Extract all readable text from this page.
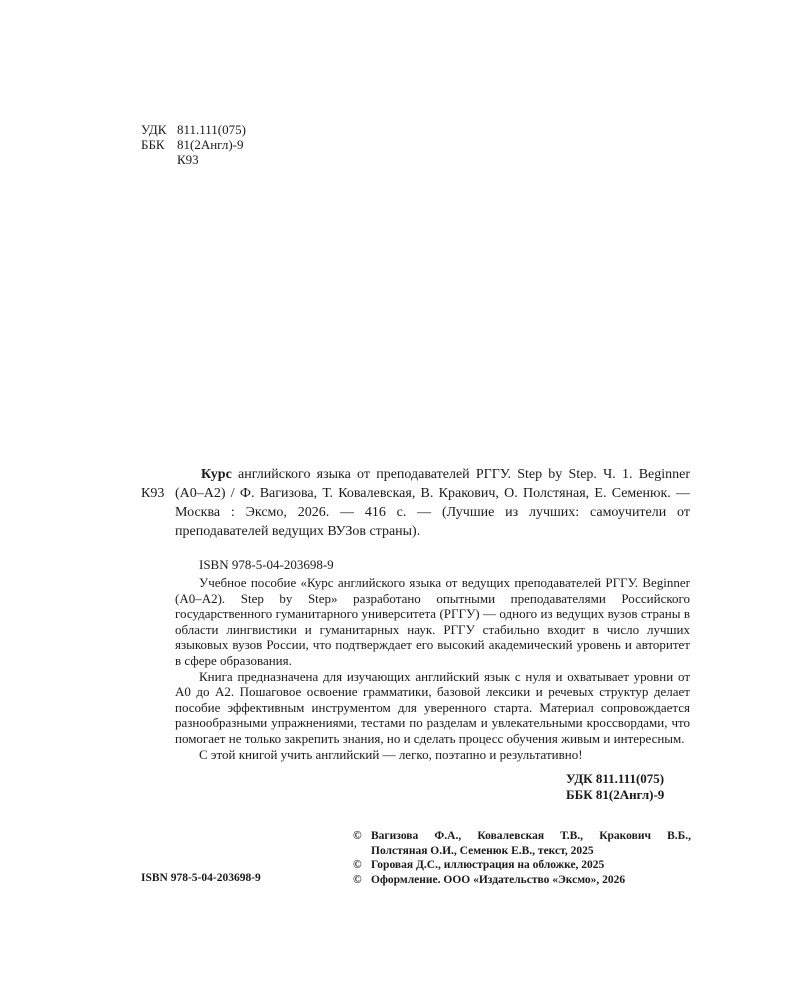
УДК 811.111(075)
ББК 81(2Англ)-9
К93
К93
Курс английского языка от преподавателей РГГУ. Step by Step. Ч. 1. Beginner (A0–A2) / Ф. Вагизова, Т. Ковалевская, В. Кракович, О. Полстяная, Е. Семенюк. — Москва : Эксмо, 2026. — 416 с. — (Лучшие из лучших: самоучители от преподавателей ведущих ВУЗов страны).
ISBN 978-5-04-203698-9

Учебное пособие «Курс английского языка от ведущих преподавателей РГГУ. Beginner (A0–A2). Step by Step» разработано опытными преподавателями Российского государственного гуманитарного университета (РГГУ) — одного из ведущих вузов страны в области лингвистики и гуманитарных наук. РГГУ стабильно входит в число лучших языковых вузов России, что подтверждает его высокий академический уровень и авторитет в сфере образования.

Книга предназначена для изучающих английский язык с нуля и охватывает уровни от A0 до A2. Пошаговое освоение грамматики, базовой лексики и речевых структур делает пособие эффективным инструментом для уверенного старта. Материал сопровождается разнообразными упражнениями, тестами по разделам и увлекательными кроссвордами, что помогает не только закрепить знания, но и сделать процесс обучения живым и интересным.

С этой книгой учить английский — легко, поэтапно и результативно!

УДК 811.111(075)
ББК 81(2Англ)-9
© Вагизова Ф.А., Ковалевская Т.В., Кракович В.Б.,
Полстяная О.И., Семенюк Е.В., текст, 2025
© Горовая Д.С., иллюстрация на обложке, 2025
© Оформление. ООО «Издательство «Эксмо», 2026
ISBN 978-5-04-203698-9
